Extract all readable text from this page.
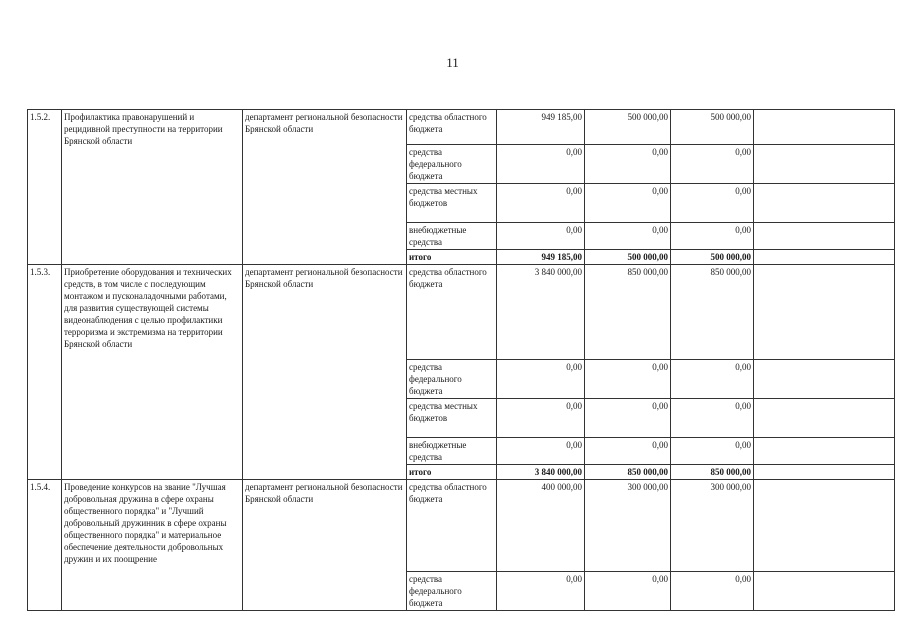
11
1.5.2.	Профилактика правонарушений и рецидивной преступности на территории Брянской области	департамент региональной безопасности Брянской области	средства областного бюджета	949 185,00	500 000,00	500 000,00	
			средства федерального бюджета	0,00	0,00	0,00	
			средства местных бюджетов	0,00	0,00	0,00	
			внебюджетные средства	0,00	0,00	0,00	
			итого	949 185,00	500 000,00	500 000,00	
1.5.3.	Приобретение оборудования и технических средств, в том числе с последующим монтажом и пусконаладочными работами, для развития существующей системы видеонаблюдения с целью профилактики терроризма и экстремизма на территории Брянской области	департамент региональной безопасности Брянской области	средства областного бюджета	3 840 000,00	850 000,00	850 000,00	
			средства федерального бюджета	0,00	0,00	0,00	
			средства местных бюджетов	0,00	0,00	0,00	
			внебюджетные средства	0,00	0,00	0,00	
			итого	3 840 000,00	850 000,00	850 000,00	
1.5.4.	Проведение конкурсов на звание "Лучшая добровольная дружина в сфере охраны общественного порядка" и "Лучший добровольный дружинник в сфере охраны общественного порядка" и материальное обеспечение деятельности добровольных дружин и их поощрение	департамент региональной безопасности Брянской области	средства областного бюджета	400 000,00	300 000,00	300 000,00	
			средства федерального бюджета	0,00	0,00	0,00	
